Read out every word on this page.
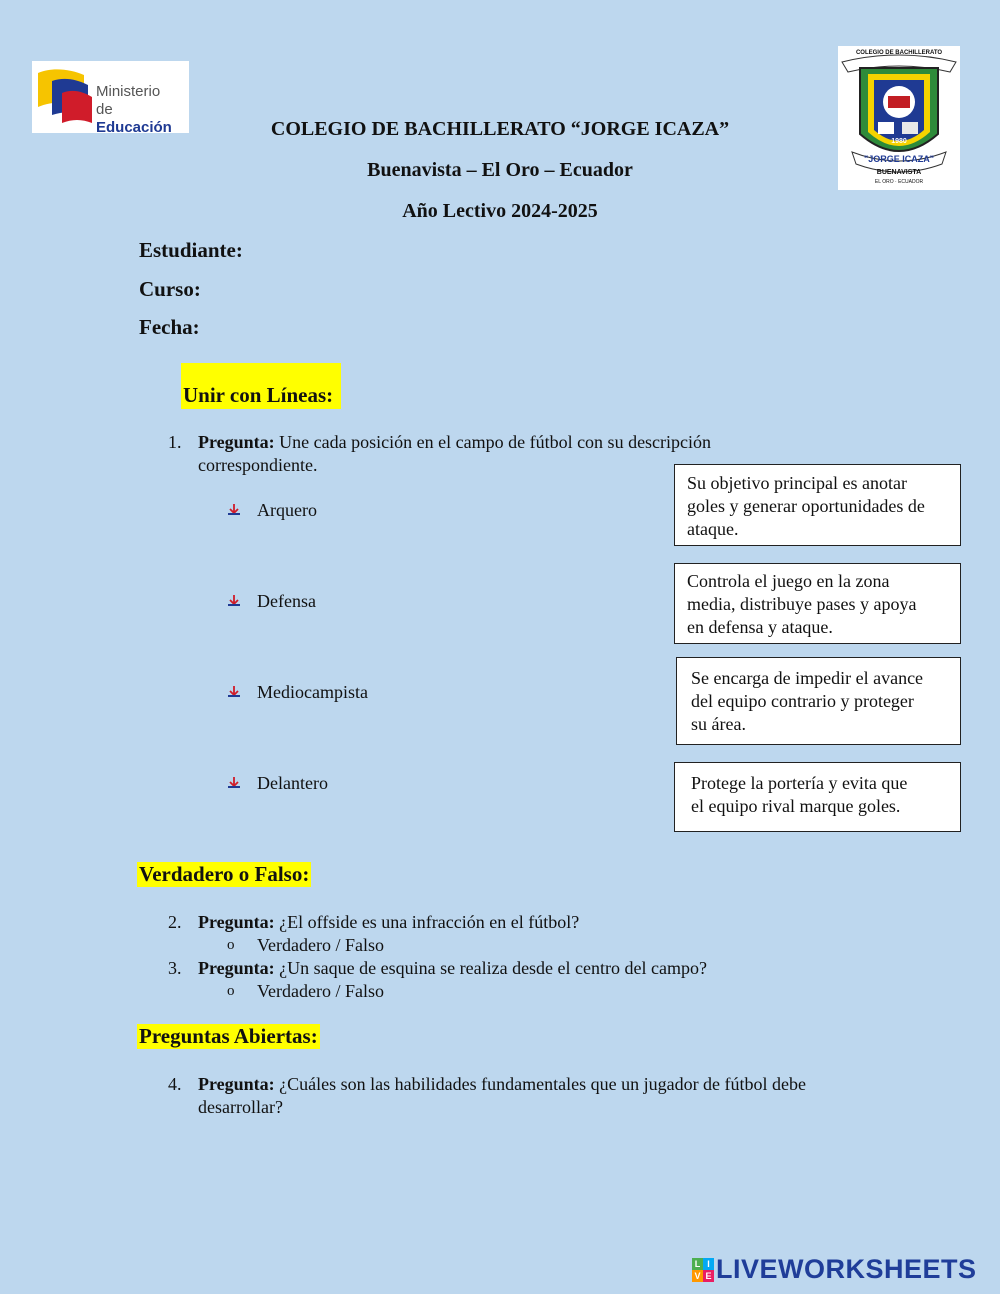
Ministerio
de Educación
COLEGIO DE BACHILLERATO
1980
"JORGE ICAZA"
BUENAVISTA
EL ORO · ECUADOR
COLEGIO DE BACHILLERATO “JORGE ICAZA”
Buenavista – El Oro – Ecuador
Año Lectivo 2024-2025
Estudiante:
Curso:
Fecha:
Unir con Líneas:
1. Pregunta: Une cada posición en el campo de fútbol con su descripción
correspondiente.
Arquero
Defensa
Mediocampista
Delantero
Su objetivo principal es anotar
goles y generar oportunidades de
ataque.
Controla el juego en la zona
media, distribuye pases y apoya
en defensa y ataque.
Se encarga de impedir el avance
del equipo contrario y proteger
su área.
Protege la portería y evita que
el equipo rival marque goles.
Verdadero o Falso:
2. Pregunta: ¿El offside es una infracción en el fútbol?
o Verdadero / Falso
3. Pregunta: ¿Un saque de esquina se realiza desde el centro del campo?
o Verdadero / Falso
Preguntas Abiertas:
4. Pregunta: ¿Cuáles son las habilidades fundamentales que un jugador de fútbol debe
desarrollar?
L I
V E LIVEWORKSHEETS
